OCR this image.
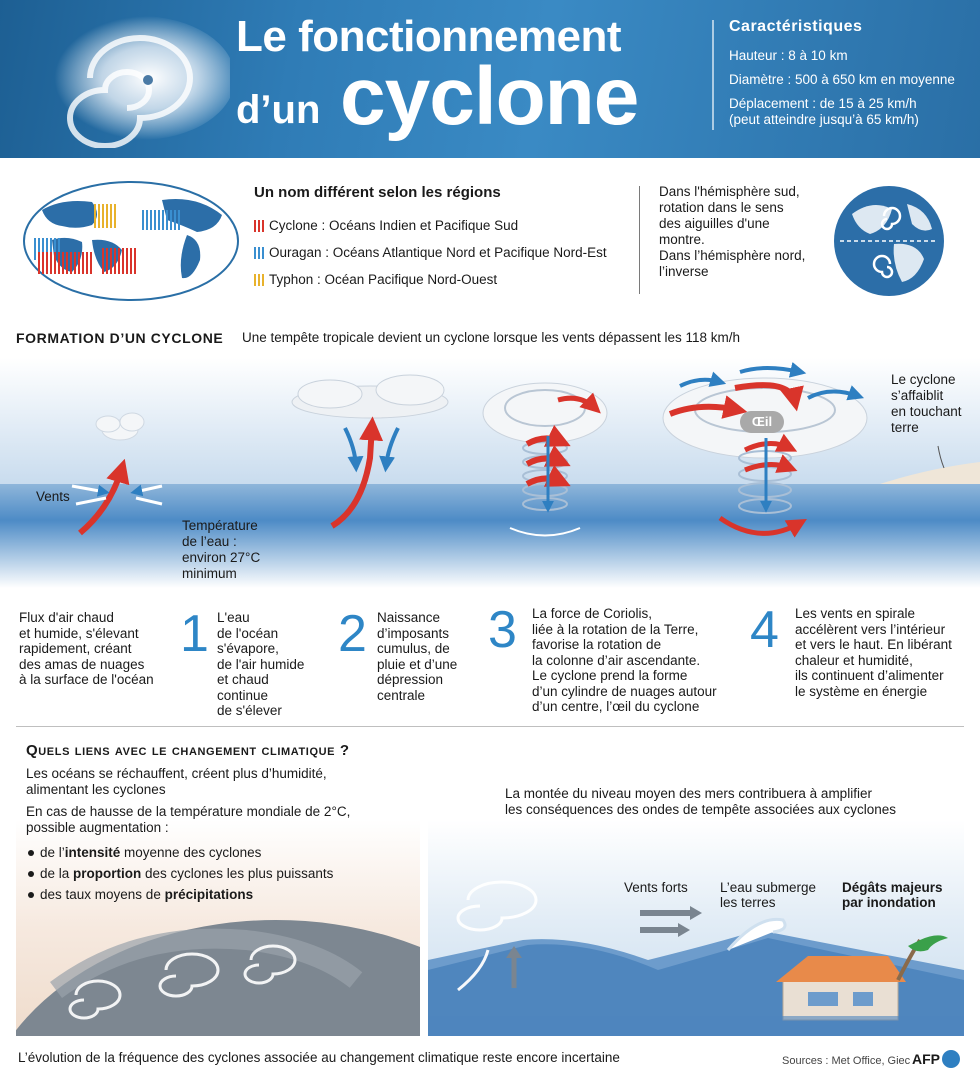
Le fonctionnement
d’un cyclone
Caractéristiques
Hauteur : 8 à 10 km
Diamètre : 500 à 650 km en moyenne
Déplacement : de 15 à 25 km/h
(peut atteindre jusqu’à 65 km/h)
Un nom différent selon les régions
Cyclone : Océans Indien et Pacifique Sud
Ouragan : Océans Atlantique Nord et Pacifique Nord-Est
Typhon : Océan Pacifique Nord-Ouest
Dans l'hémisphère sud,
rotation dans le sens
des aiguilles d'une
montre.
Dans l’hémisphère nord,
l’inverse
FORMATION D’UN CYCLONE Une tempête tropicale devient un cyclone lorsque les vents dépassent les 118 km/h
Œil
Vents
Température
de l’eau :
environ 27°C
minimum
Le cyclone
s’affaiblit
en touchant
terre
Flux d'air chaud
et humide, s'élevant
rapidement, créant
des amas de nuages
à la surface de l'océan
1 L'eau
de l'océan
s'évapore,
de l'air humide
et chaud
continue
de s'élever
2 Naissance
d’imposants
cumulus, de
pluie et d’une
dépression
centrale
3 La force de Coriolis,
liée à la rotation de la Terre,
favorise la rotation de
la colonne d’air ascendante.
Le cyclone prend la forme
d’un cylindre de nuages autour
d’un centre, l’œil du cyclone
4 Les vents en spirale
accélèrent vers l’intérieur
et vers le haut. En libérant
chaleur et humidité,
ils continuent d’alimenter
le système en énergie
Quels liens avec le changement climatique ?
Les océans se réchauffent, créent plus d’humidité,
alimentant les cyclones
En cas de hausse de la température mondiale de 2°C,
possible augmentation :
de l’intensité moyenne des cyclones
de la proportion des cyclones les plus puissants
des taux moyens de précipitations
La montée du niveau moyen des mers contribuera à amplifier
les conséquences des ondes de tempête associées aux cyclones
Vents forts L’eau submerge
les terres
Dégâts majeurs
par inondation
L’évolution de la fréquence des cyclones associée au changement climatique reste encore incertaine	Sources : Met Office, Giec AFP
